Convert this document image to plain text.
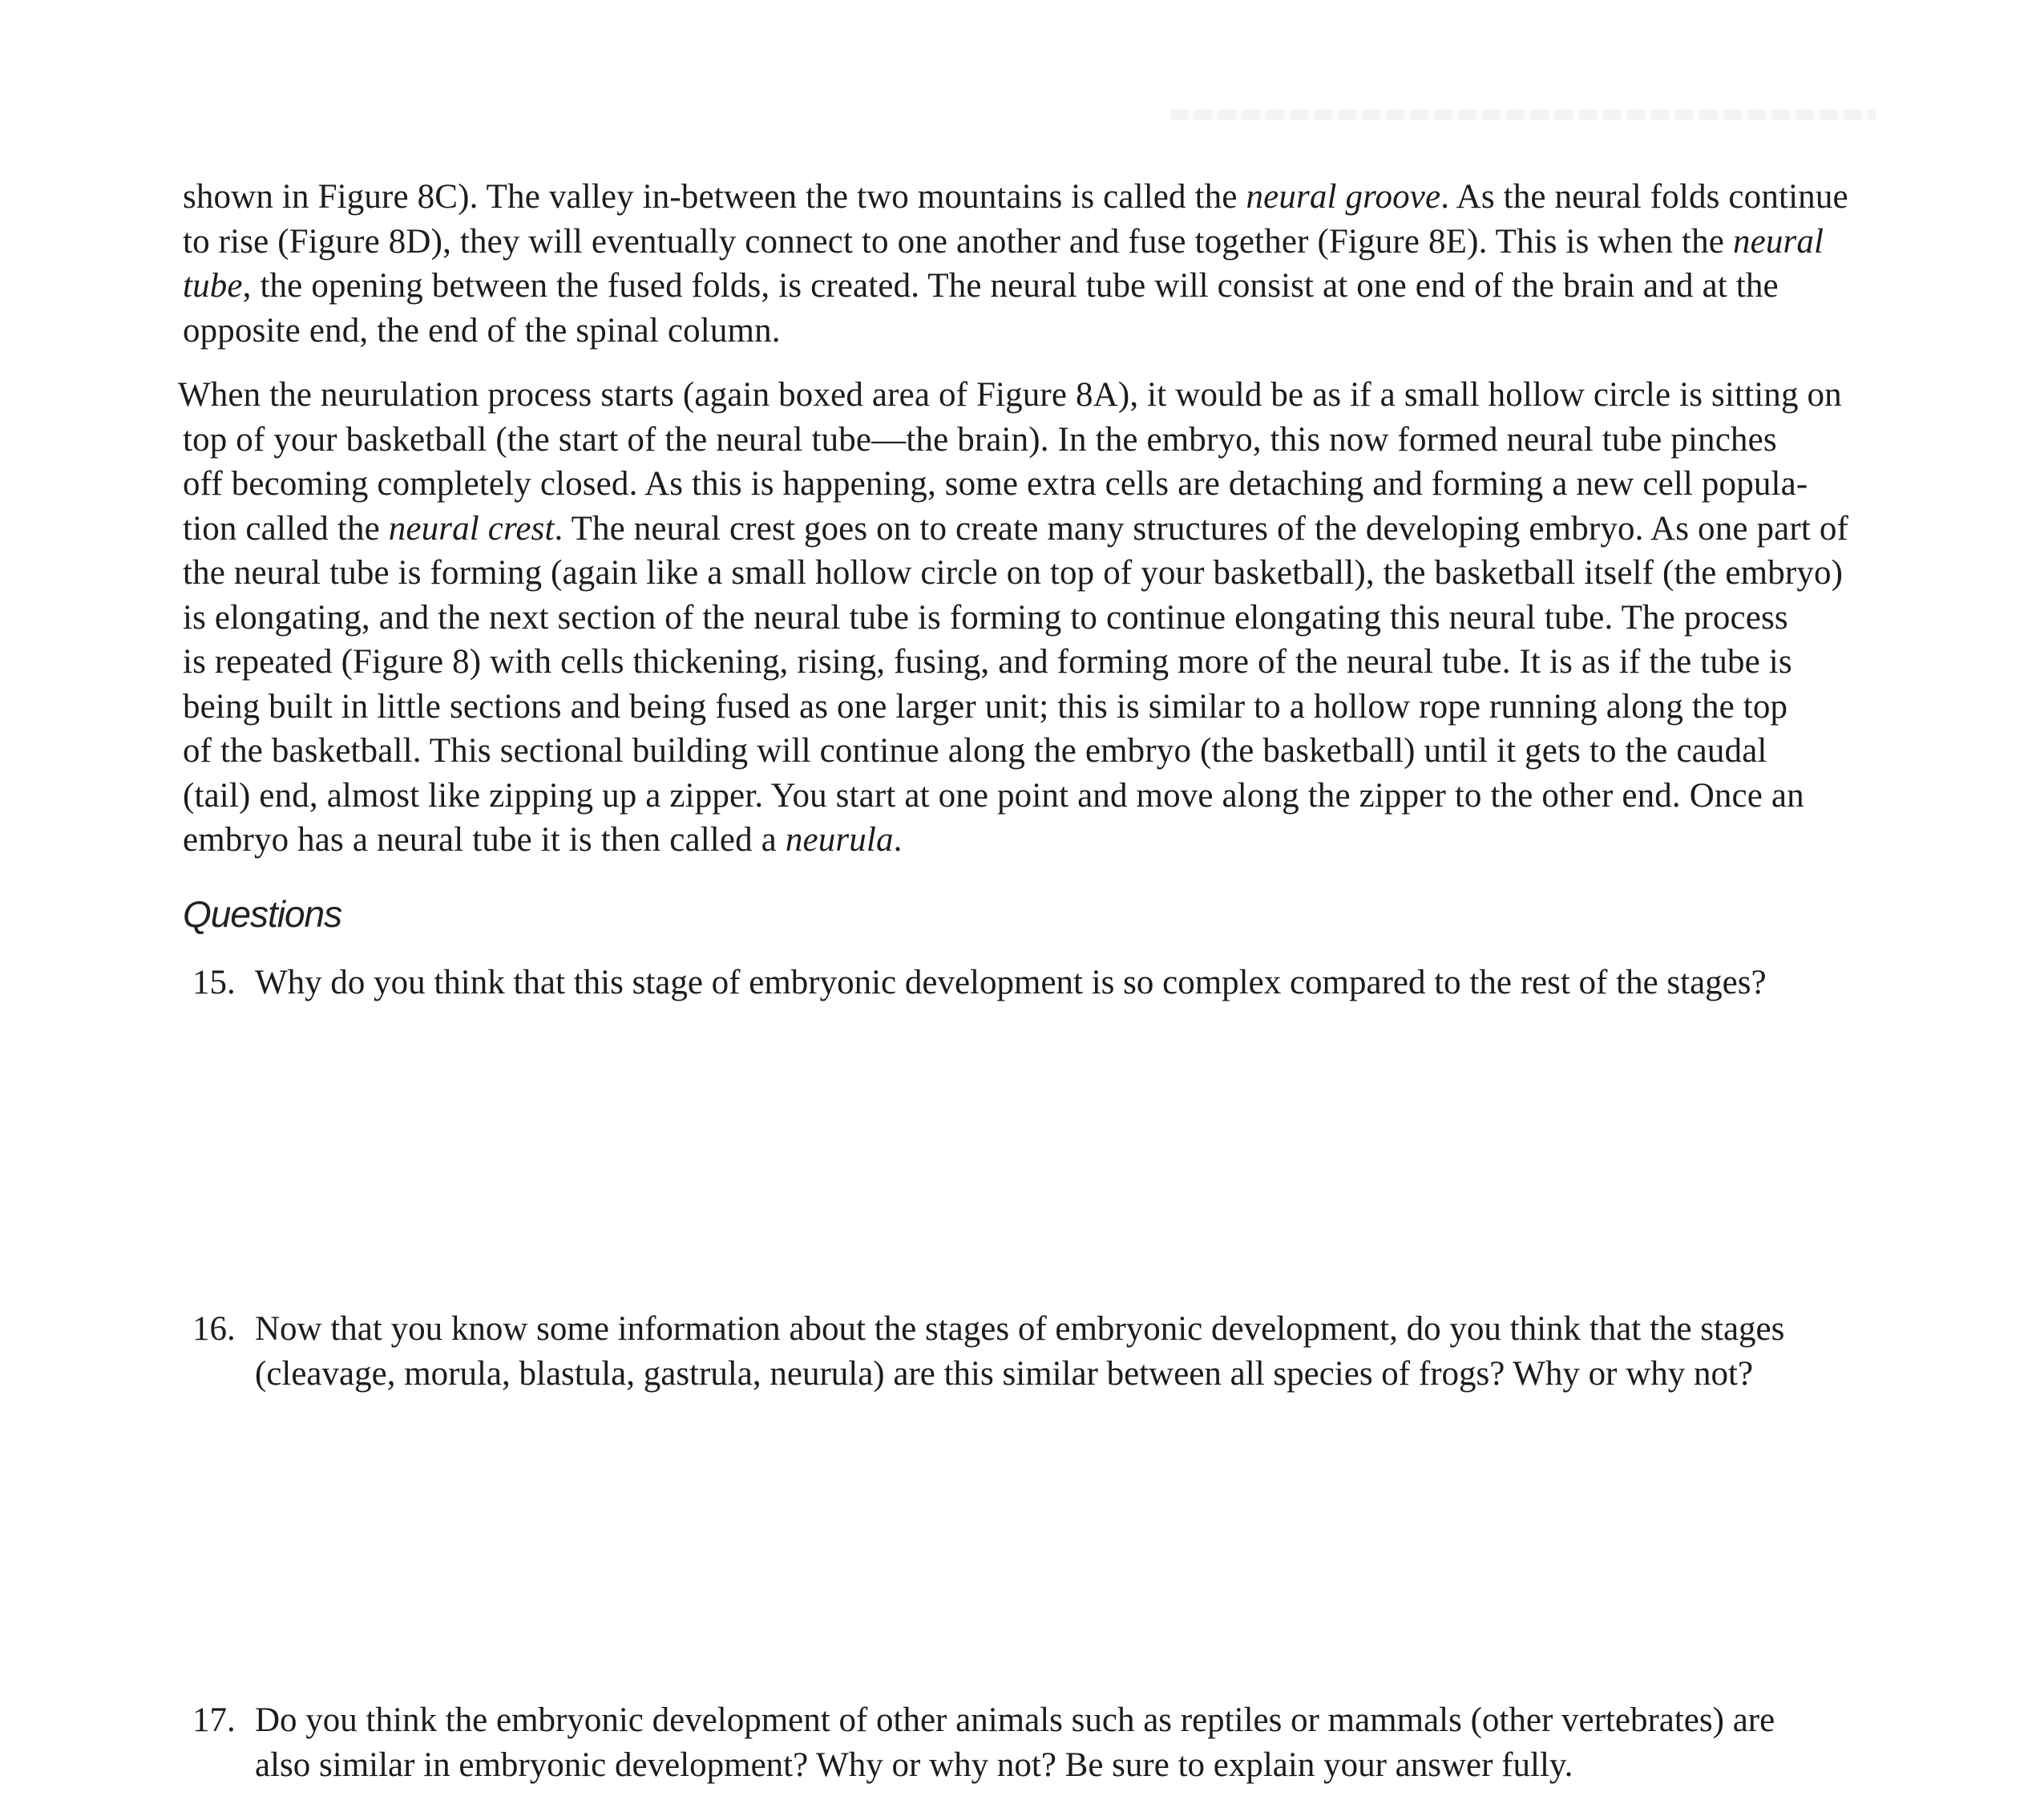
shown in Figure 8C). The valley in-between the two mountains is called the neural groove. As the neural folds continue
to rise (Figure 8D), they will eventually connect to one another and fuse together (Figure 8E). This is when the neural
tube, the opening between the fused folds, is created. The neural tube will consist at one end of the brain and at the
opposite end, the end of the spinal column.

When the neurulation process starts (again boxed area of Figure 8A), it would be as if a small hollow circle is sitting on
top of your basketball (the start of the neural tube—the brain). In the embryo, this now formed neural tube pinches
off becoming completely closed. As this is happening, some extra cells are detaching and forming a new cell popula-
tion called the neural crest. The neural crest goes on to create many structures of the developing embryo. As one part of
the neural tube is forming (again like a small hollow circle on top of your basketball), the basketball itself (the embryo)
is elongating, and the next section of the neural tube is forming to continue elongating this neural tube. The process
is repeated (Figure 8) with cells thickening, rising, fusing, and forming more of the neural tube. It is as if the tube is
being built in little sections and being fused as one larger unit; this is similar to a hollow rope running along the top
of the basketball. This sectional building will continue along the embryo (the basketball) until it gets to the caudal
(tail) end, almost like zipping up a zipper. You start at one point and move along the zipper to the other end. Once an
embryo has a neural tube it is then called a neurula.

Questions
15. Why do you think that this stage of embryonic development is so complex compared to the rest of the stages?
16. Now that you know some information about the stages of embryonic development, do you think that the stages
(cleavage, morula, blastula, gastrula, neurula) are this similar between all species of frogs? Why or why not?
17. Do you think the embryonic development of other animals such as reptiles or mammals (other vertebrates) are
also similar in embryonic development? Why or why not? Be sure to explain your answer fully.
